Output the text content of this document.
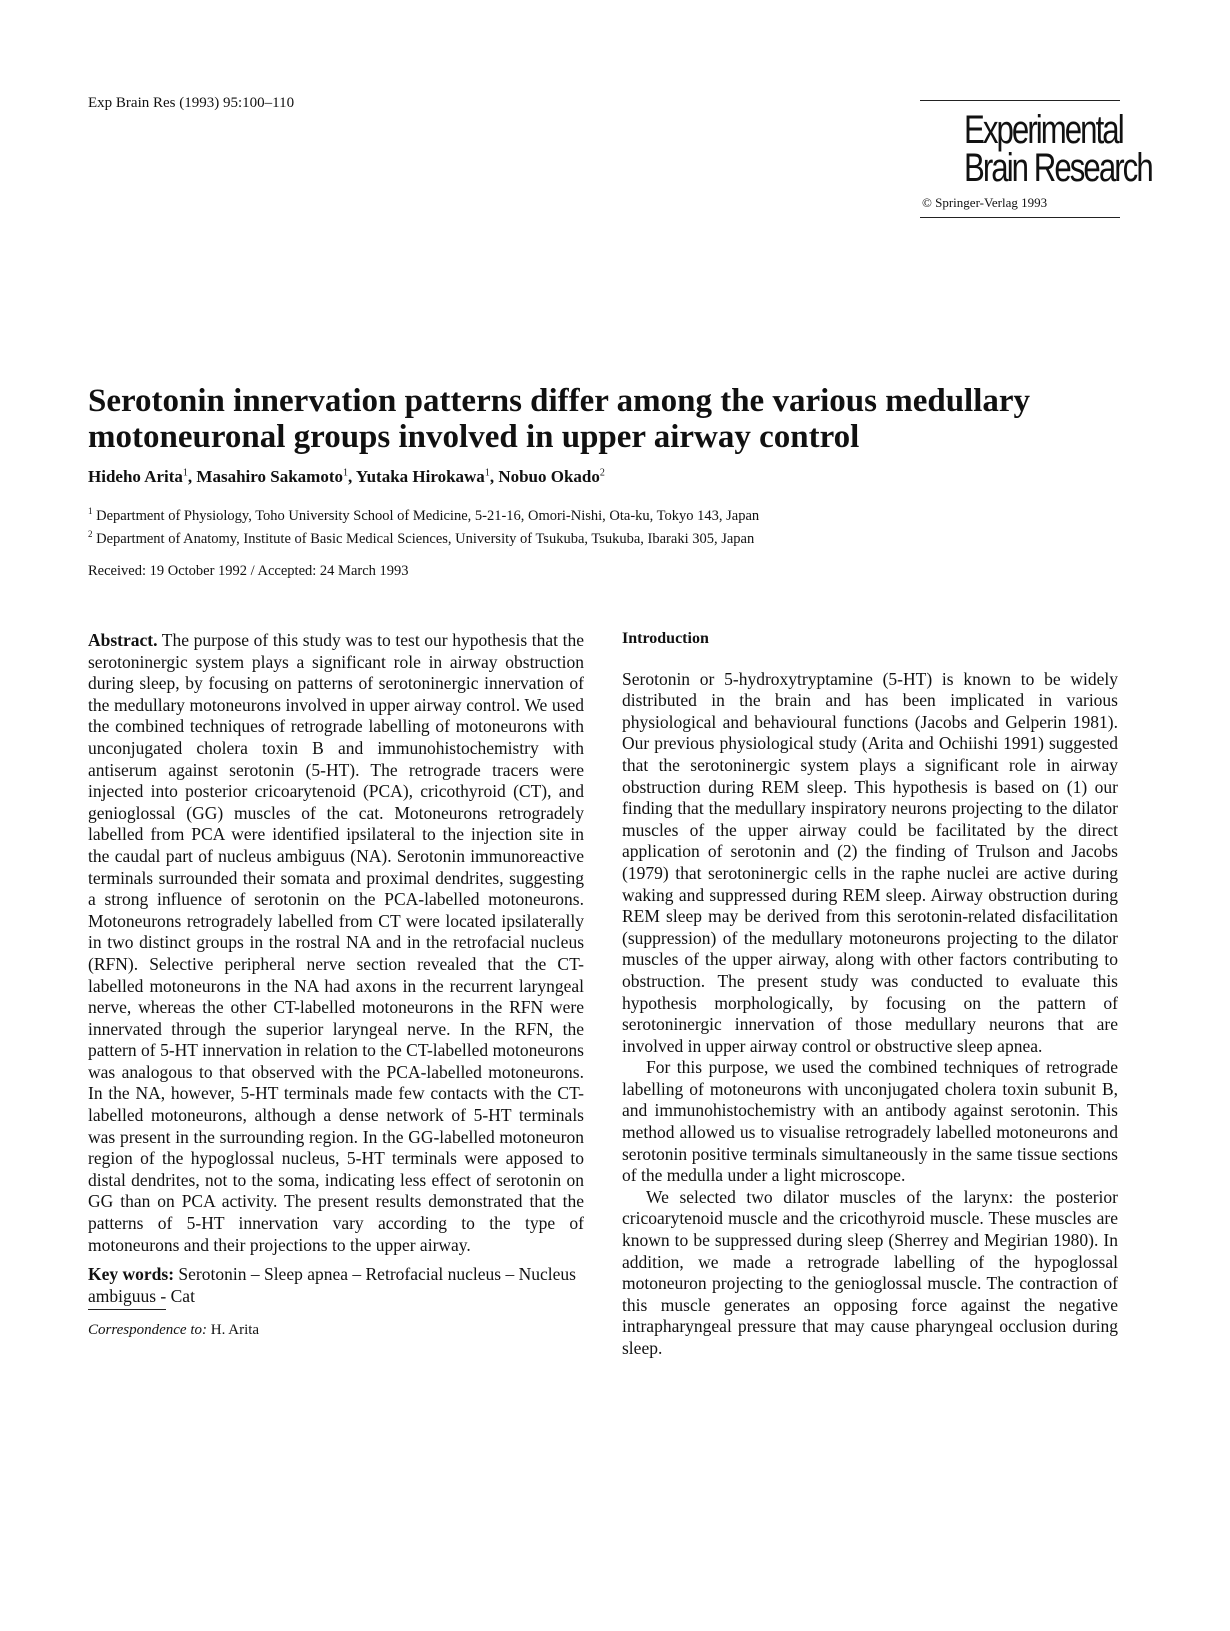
Exp Brain Res (1993) 95:100–110
Experimental
Brain Research
© Springer-Verlag 1993
Serotonin innervation patterns differ among the various medullary motoneuronal groups involved in upper airway control
Hideho Arita$^1$, Masahiro Sakamoto$^1$, Yutaka Hirokawa$^1$, Nobuo Okado$^2$
$^1$ Department of Physiology, Toho University School of Medicine, 5-21-16, Omori-Nishi, Ota-ku, Tokyo 143, Japan
$^2$ Department of Anatomy, Institute of Basic Medical Sciences, University of Tsukuba, Tsukuba, Ibaraki 305, Japan
Received: 19 October 1992 / Accepted: 24 March 1993

Abstract. The purpose of this study was to test our hypothesis that the serotoninergic system plays a significant role in airway obstruction during sleep, by focusing on patterns of serotoninergic innervation of the medullary motoneurons involved in upper airway control. We used the combined techniques of retrograde labelling of motoneurons with unconjugated cholera toxin B and immunohistochemistry with antiserum against serotonin (5-HT). The retrograde tracers were injected into posterior cricoarytenoid (PCA), cricothyroid (CT), and genioglossal (GG) muscles of the cat. Motoneurons retrogradely labelled from PCA were identified ipsilateral to the injection site in the caudal part of nucleus ambiguus (NA). Serotonin immunoreactive terminals surrounded their somata and proximal dendrites, suggesting a strong influence of serotonin on the PCA-labelled motoneurons. Motoneurons retrogradely labelled from CT were located ipsilaterally in two distinct groups in the rostral NA and in the retrofacial nucleus (RFN). Selective peripheral nerve section revealed that the CT-labelled motoneurons in the NA had axons in the recurrent laryngeal nerve, whereas the other CT-labelled motoneurons in the RFN were innervated through the superior laryngeal nerve. In the RFN, the pattern of 5-HT innervation in relation to the CT-labelled motoneurons was analogous to that observed with the PCA-labelled motoneurons. In the NA, however, 5-HT terminals made few contacts with the CT-labelled motoneurons, although a dense network of 5-HT terminals was present in the surrounding region. In the GG-labelled motoneuron region of the hypoglossal nucleus, 5-HT terminals were apposed to distal dendrites, not to the soma, indicating less effect of serotonin on GG than on PCA activity. The present results demonstrated that the patterns of 5-HT innervation vary according to the type of motoneurons and their projections to the upper airway.

Key words: Serotonin – Sleep apnea – Retrofacial nucleus – Nucleus ambiguus - Cat

Correspondence to: H. Arita
Introduction

Serotonin or 5-hydroxytryptamine (5-HT) is known to be widely distributed in the brain and has been implicated in various physiological and behavioural functions (Jacobs and Gelperin 1981). Our previous physiological study (Arita and Ochiishi 1991) suggested that the serotoninergic system plays a significant role in airway obstruction during REM sleep. This hypothesis is based on (1) our finding that the medullary inspiratory neurons projecting to the dilator muscles of the upper airway could be facilitated by the direct application of serotonin and (2) the finding of Trulson and Jacobs (1979) that serotoninergic cells in the raphe nuclei are active during waking and suppressed during REM sleep. Airway obstruction during REM sleep may be derived from this serotonin-related disfacilitation (suppression) of the medullary motoneurons projecting to the dilator muscles of the upper airway, along with other factors contributing to obstruction. The present study was conducted to evaluate this hypothesis morphologically, by focusing on the pattern of serotoninergic innervation of those medullary neurons that are involved in upper airway control or obstructive sleep apnea.

For this purpose, we used the combined techniques of retrograde labelling of motoneurons with unconjugated cholera toxin subunit B, and immunohistochemistry with an antibody against serotonin. This method allowed us to visualise retrogradely labelled motoneurons and serotonin positive terminals simultaneously in the same tissue sections of the medulla under a light microscope.

We selected two dilator muscles of the larynx: the posterior cricoarytenoid muscle and the cricothyroid muscle. These muscles are known to be suppressed during sleep (Sherrey and Megirian 1980). In addition, we made a retrograde labelling of the hypoglossal motoneuron projecting to the genioglossal muscle. The contraction of this muscle generates an opposing force against the negative intrapharyngeal pressure that may cause pharyngeal occlusion during sleep.
